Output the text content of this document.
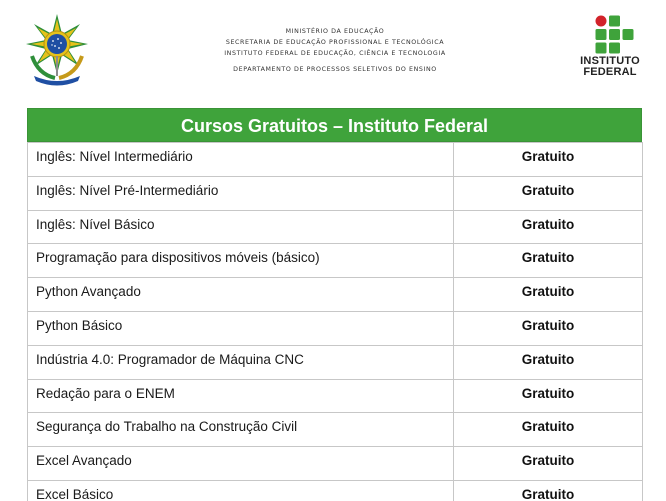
MINISTÉRIO DA EDUCAÇÃO
SECRETARIA DE EDUCAÇÃO PROFISSIONAL E TECNOLÓGICA
INSTITUTO FEDERAL DE EDUCAÇÃO, CIÊNCIA E TECNOLOGIA
DEPARTAMENTO DE PROCESSOS SELETIVOS DO ENSINO
INSTITUTO
FEDERAL
Cursos Gratuitos – Instituto Federal
Inglês: Nível Intermediário	Gratuito
Inglês: Nível Pré-Intermediário	Gratuito
Inglês: Nível Básico	Gratuito
Programação para dispositivos móveis (básico)	Gratuito
Python Avançado	Gratuito
Python Básico	Gratuito
Indústria 4.0: Programador de Máquina CNC	Gratuito
Redação para o ENEM	Gratuito
Segurança do Trabalho na Construção Civil	Gratuito
Excel Avançado	Gratuito
Excel Básico	Gratuito
